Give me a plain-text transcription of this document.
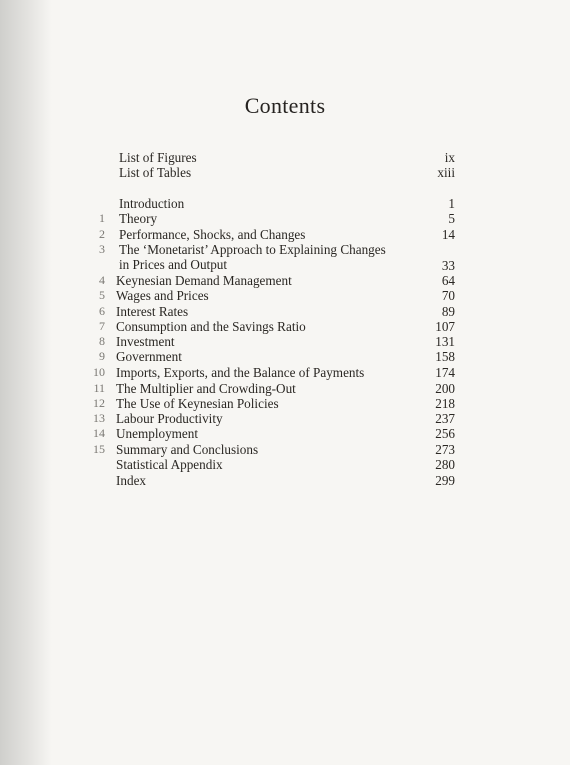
Contents
List of Figures	ix
List of Tables	xiii
Introduction	1
1 Theory	5
2 Performance, Shocks, and Changes	14
3 The ‘Monetarist’ Approach to Explaining Changes
in Prices and Output	33
4 Keynesian Demand Management	64
5 Wages and Prices	70
6 Interest Rates	89
7 Consumption and the Savings Ratio	107
8 Investment	131
9 Government	158
10 Imports, Exports, and the Balance of Payments	174
11 The Multiplier and Crowding-Out	200
12 The Use of Keynesian Policies	218
13 Labour Productivity	237
14 Unemployment	256
15 Summary and Conclusions	273
Statistical Appendix	280
Index	299
